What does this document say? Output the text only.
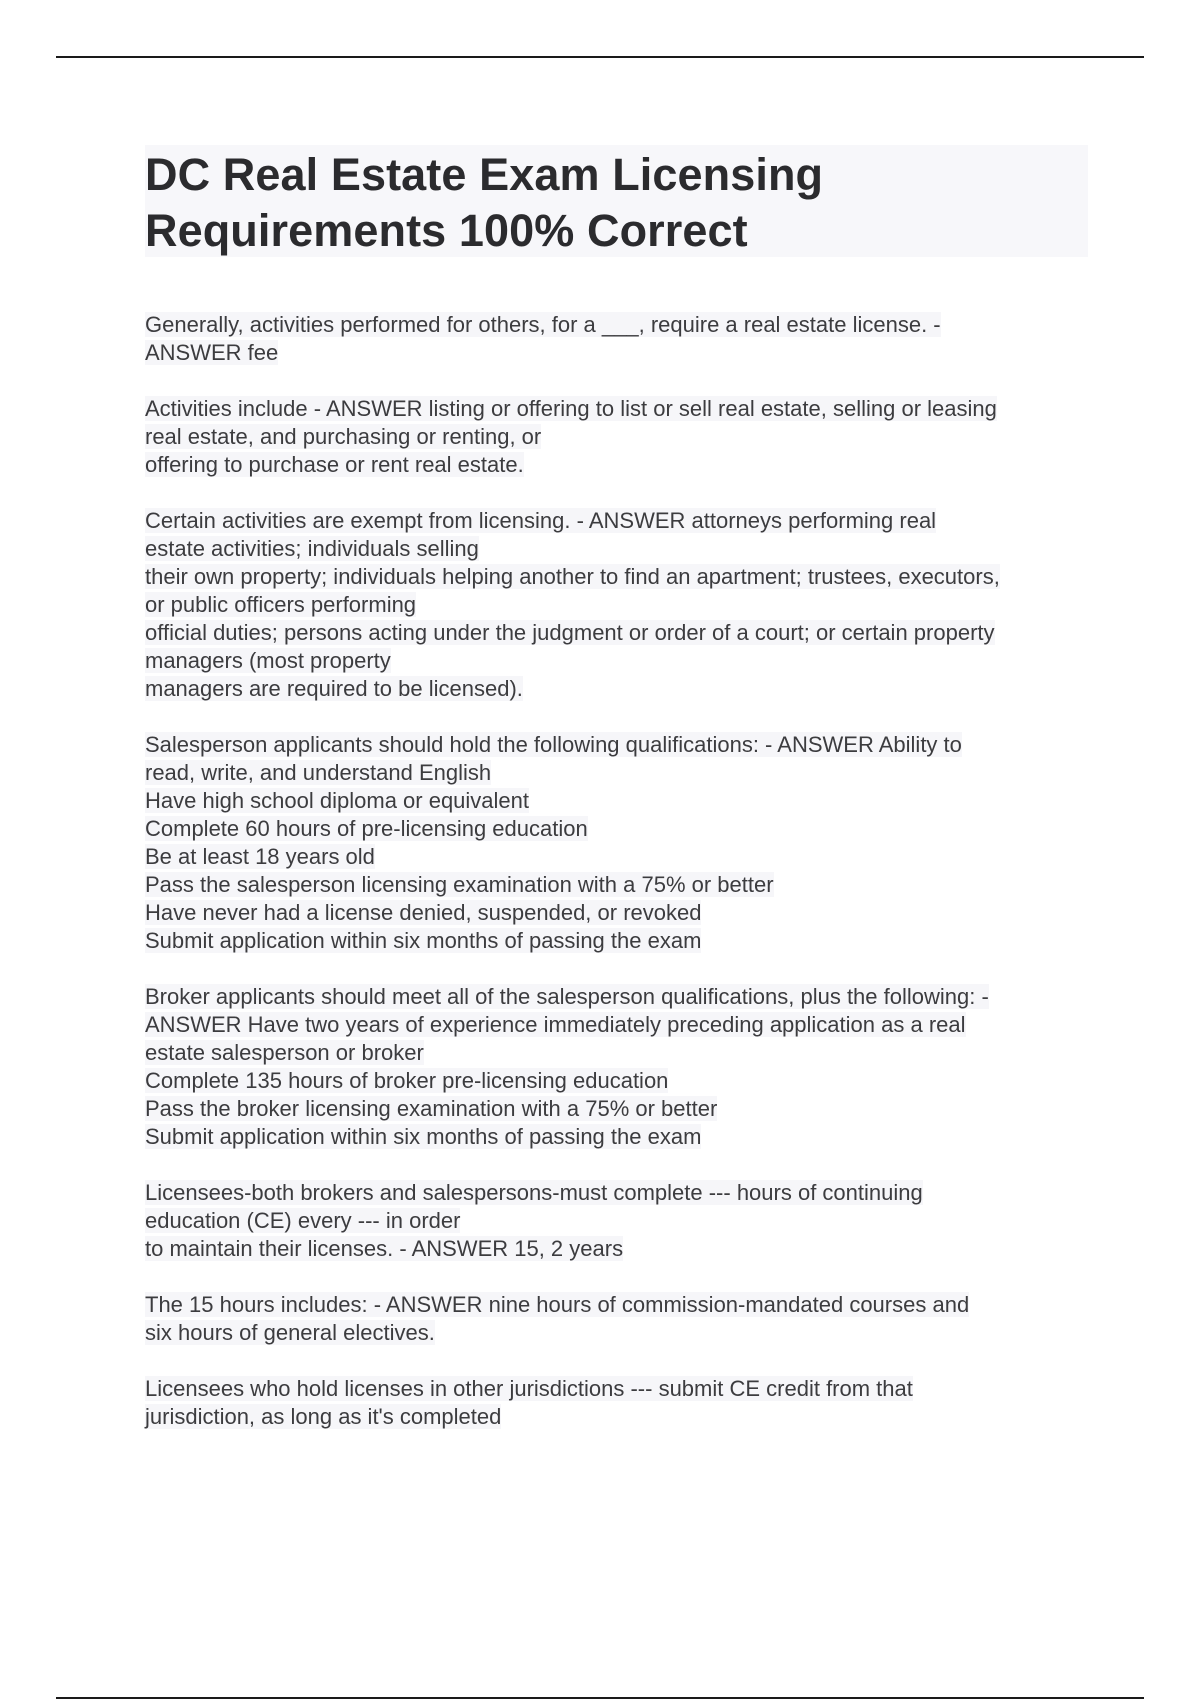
DC Real Estate Exam Licensing
Requirements 100% Correct
Generally, activities performed for others, for a ___, require a real estate license. -
ANSWER fee
Activities include - ANSWER listing or offering to list or sell real estate, selling or leasing
real estate, and purchasing or renting, or
offering to purchase or rent real estate.
Certain activities are exempt from licensing. - ANSWER attorneys performing real
estate activities; individuals selling
their own property; individuals helping another to find an apartment; trustees, executors,
or public officers performing
official duties; persons acting under the judgment or order of a court; or certain property
managers (most property
managers are required to be licensed).
Salesperson applicants should hold the following qualifications: - ANSWER Ability to
read, write, and understand English
Have high school diploma or equivalent
Complete 60 hours of pre-licensing education
Be at least 18 years old
Pass the salesperson licensing examination with a 75% or better
Have never had a license denied, suspended, or revoked
Submit application within six months of passing the exam
Broker applicants should meet all of the salesperson qualifications, plus the following: -
ANSWER Have two years of experience immediately preceding application as a real
estate salesperson or broker
Complete 135 hours of broker pre-licensing education
Pass the broker licensing examination with a 75% or better
Submit application within six months of passing the exam
Licensees-both brokers and salespersons-must complete --- hours of continuing
education (CE) every --- in order
to maintain their licenses. - ANSWER 15, 2 years
The 15 hours includes: - ANSWER nine hours of commission-mandated courses and
six hours of general electives.
Licensees who hold licenses in other jurisdictions --- submit CE credit from that
jurisdiction, as long as it's completed
